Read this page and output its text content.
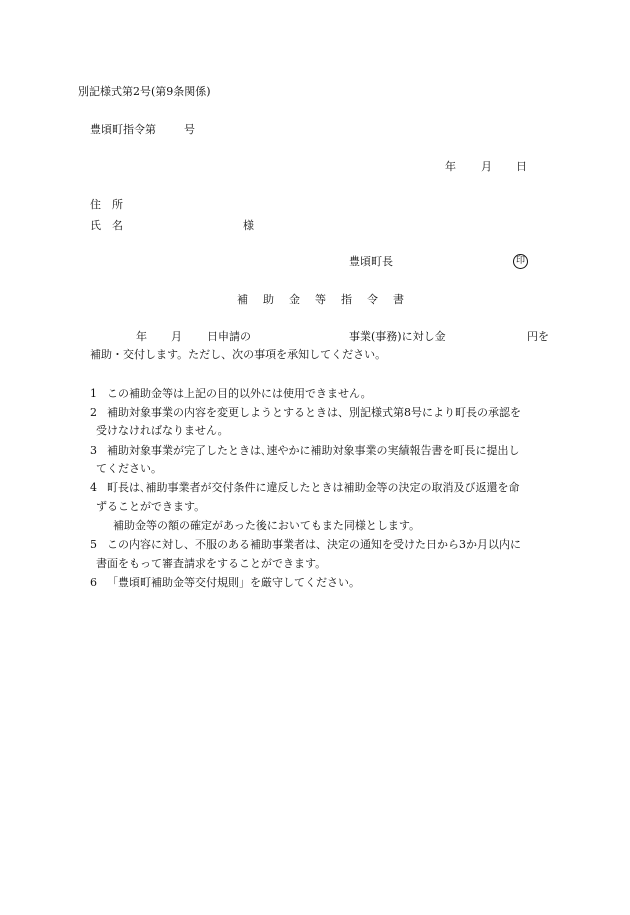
別記様式第2号(第9条関係)
豊頃町指令第	号
年 月 日
住　所
氏　名	様
豊頃町長	印
補 助 金 等 指 令 書
年 月 日申請の	事業(事務)に対し金	円を
補助・交付します。ただし、次の事項を承知してください。
1 この補助金等は上記の目的以外には使用できません。
2 補助対象事業の内容を変更しようとするときは、別記様式第8号により町長の承認を
受けなければなりません。
3 補助対象事業が完了したときは､速やかに補助対象事業の実績報告書を町長に提出し
てください。
4 町長は､補助事業者が交付条件に違反したときは補助金等の決定の取消及び返還を命
ずることができます。
補助金等の額の確定があった後においてもまた同様とします。
5 この内容に対し、不服のある補助事業者は、決定の通知を受けた日から3か月以内に
書面をもって審査請求をすることができます。
6 「豊頃町補助金等交付規則」を厳守してください。
